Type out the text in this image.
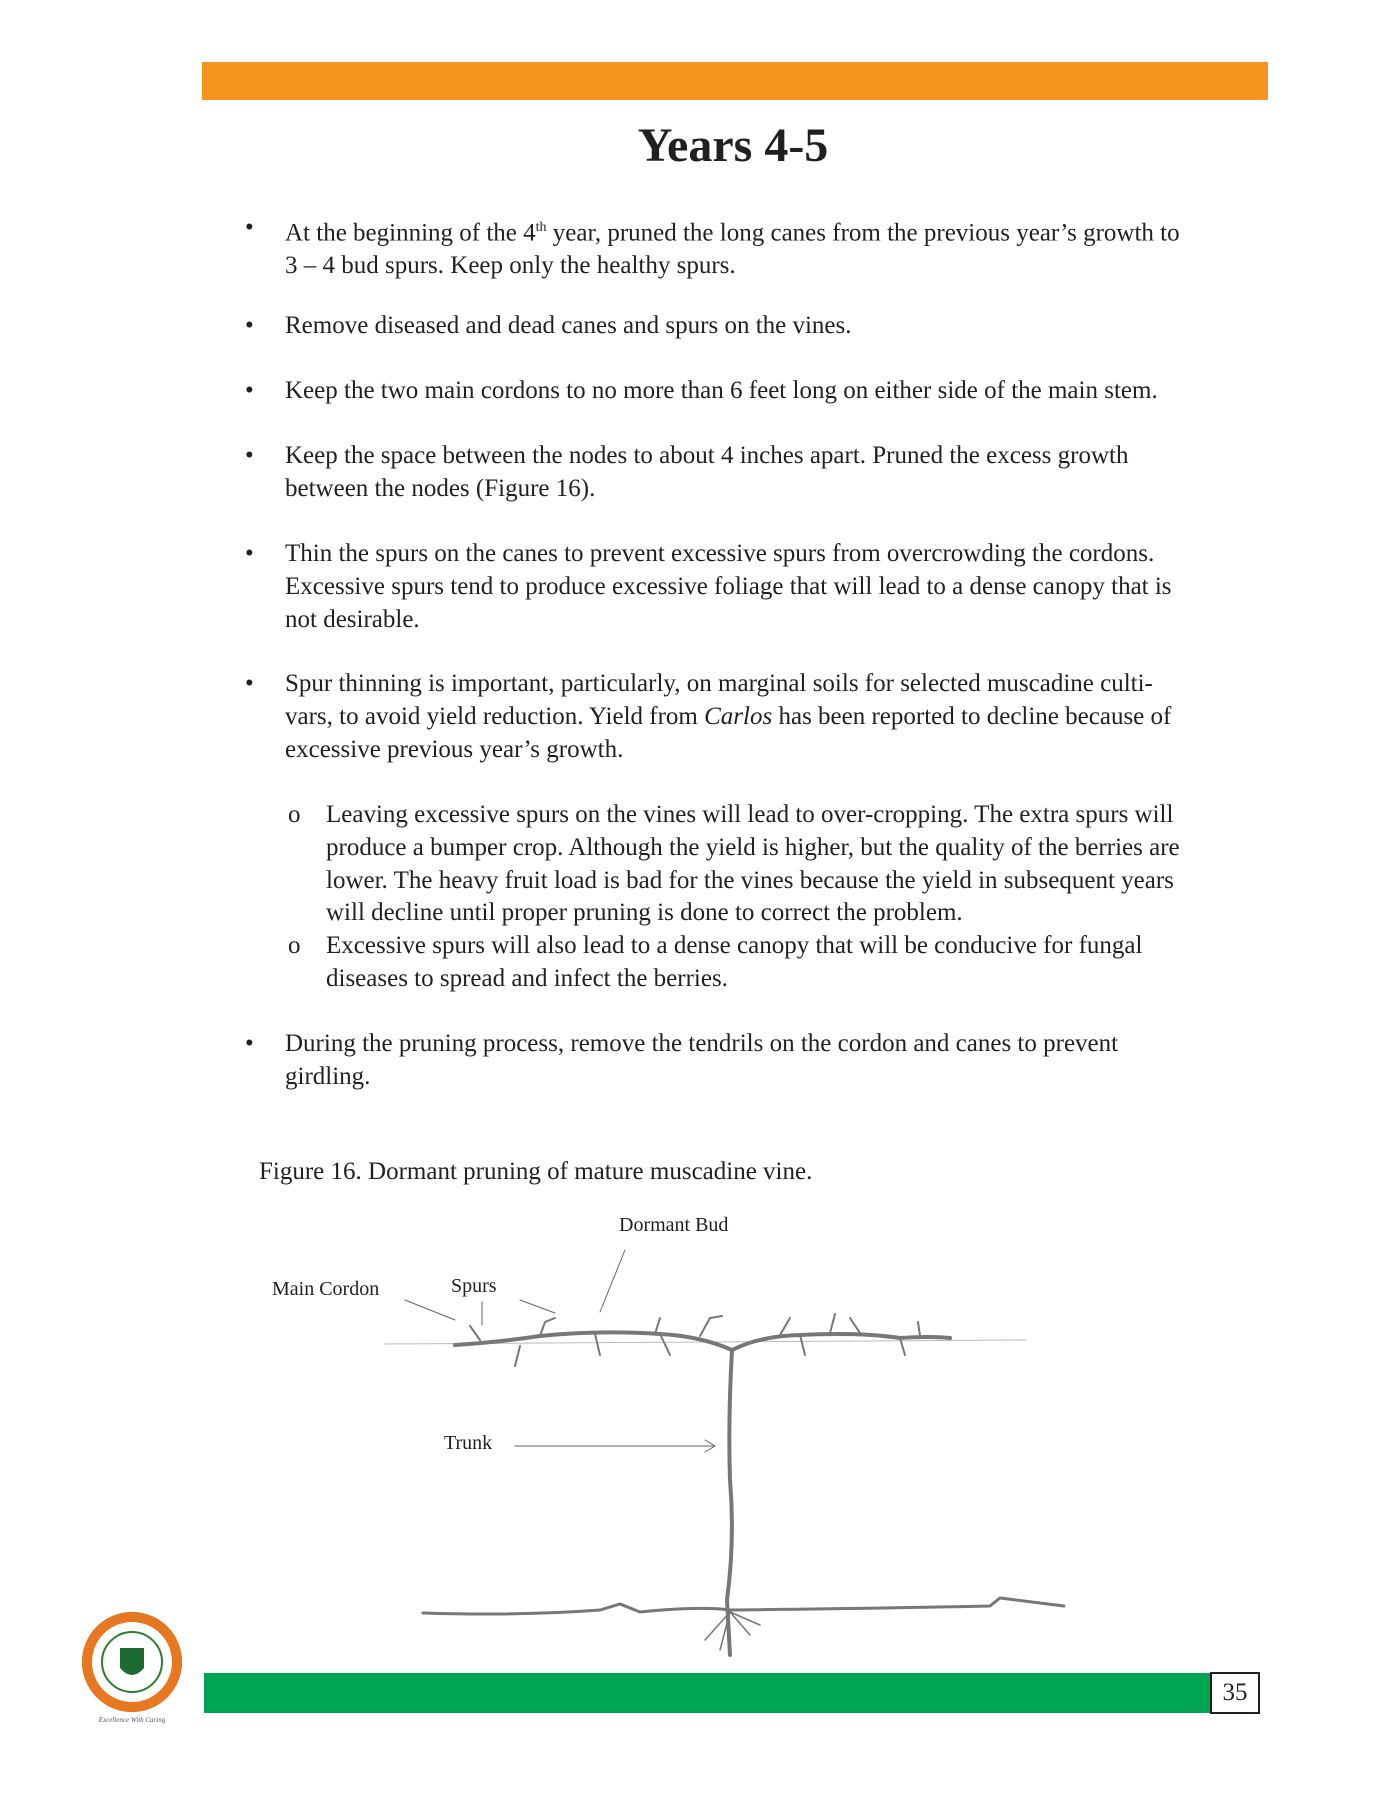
Years 4-5
• At the beginning of the 4th year, pruned the long canes from the previous year’s growth to
3 – 4 bud spurs. Keep only the healthy spurs.
• Remove diseased and dead canes and spurs on the vines.
• Keep the two main cordons to no more than 6 feet long on either side of the main stem.
• Keep the space between the nodes to about 4 inches apart. Pruned the excess growth
between the nodes (Figure 16).
• Thin the spurs on the canes to prevent excessive spurs from overcrowding the cordons.
Excessive spurs tend to produce excessive foliage that will lead to a dense canopy that is
not desirable.
• Spur thinning is important, particularly, on marginal soils for selected muscadine culti-
vars, to avoid yield reduction. Yield from Carlos has been reported to decline because of
excessive previous year’s growth.
o Leaving excessive spurs on the vines will lead to over-cropping. The extra spurs will
produce a bumper crop. Although the yield is higher, but the quality of the berries are
lower. The heavy fruit load is bad for the vines because the yield in subsequent years
will decline until proper pruning is done to correct the problem.
o Excessive spurs will also lead to a dense canopy that will be conducive for fungal
diseases to spread and infect the berries.
• During the pruning process, remove the tendrils on the cordon and canes to prevent
girdling.
Figure 16. Dormant pruning of mature muscadine vine.
Dormant Bud
Main Cordon	Spurs
Trunk
Excellence With Caring
35
